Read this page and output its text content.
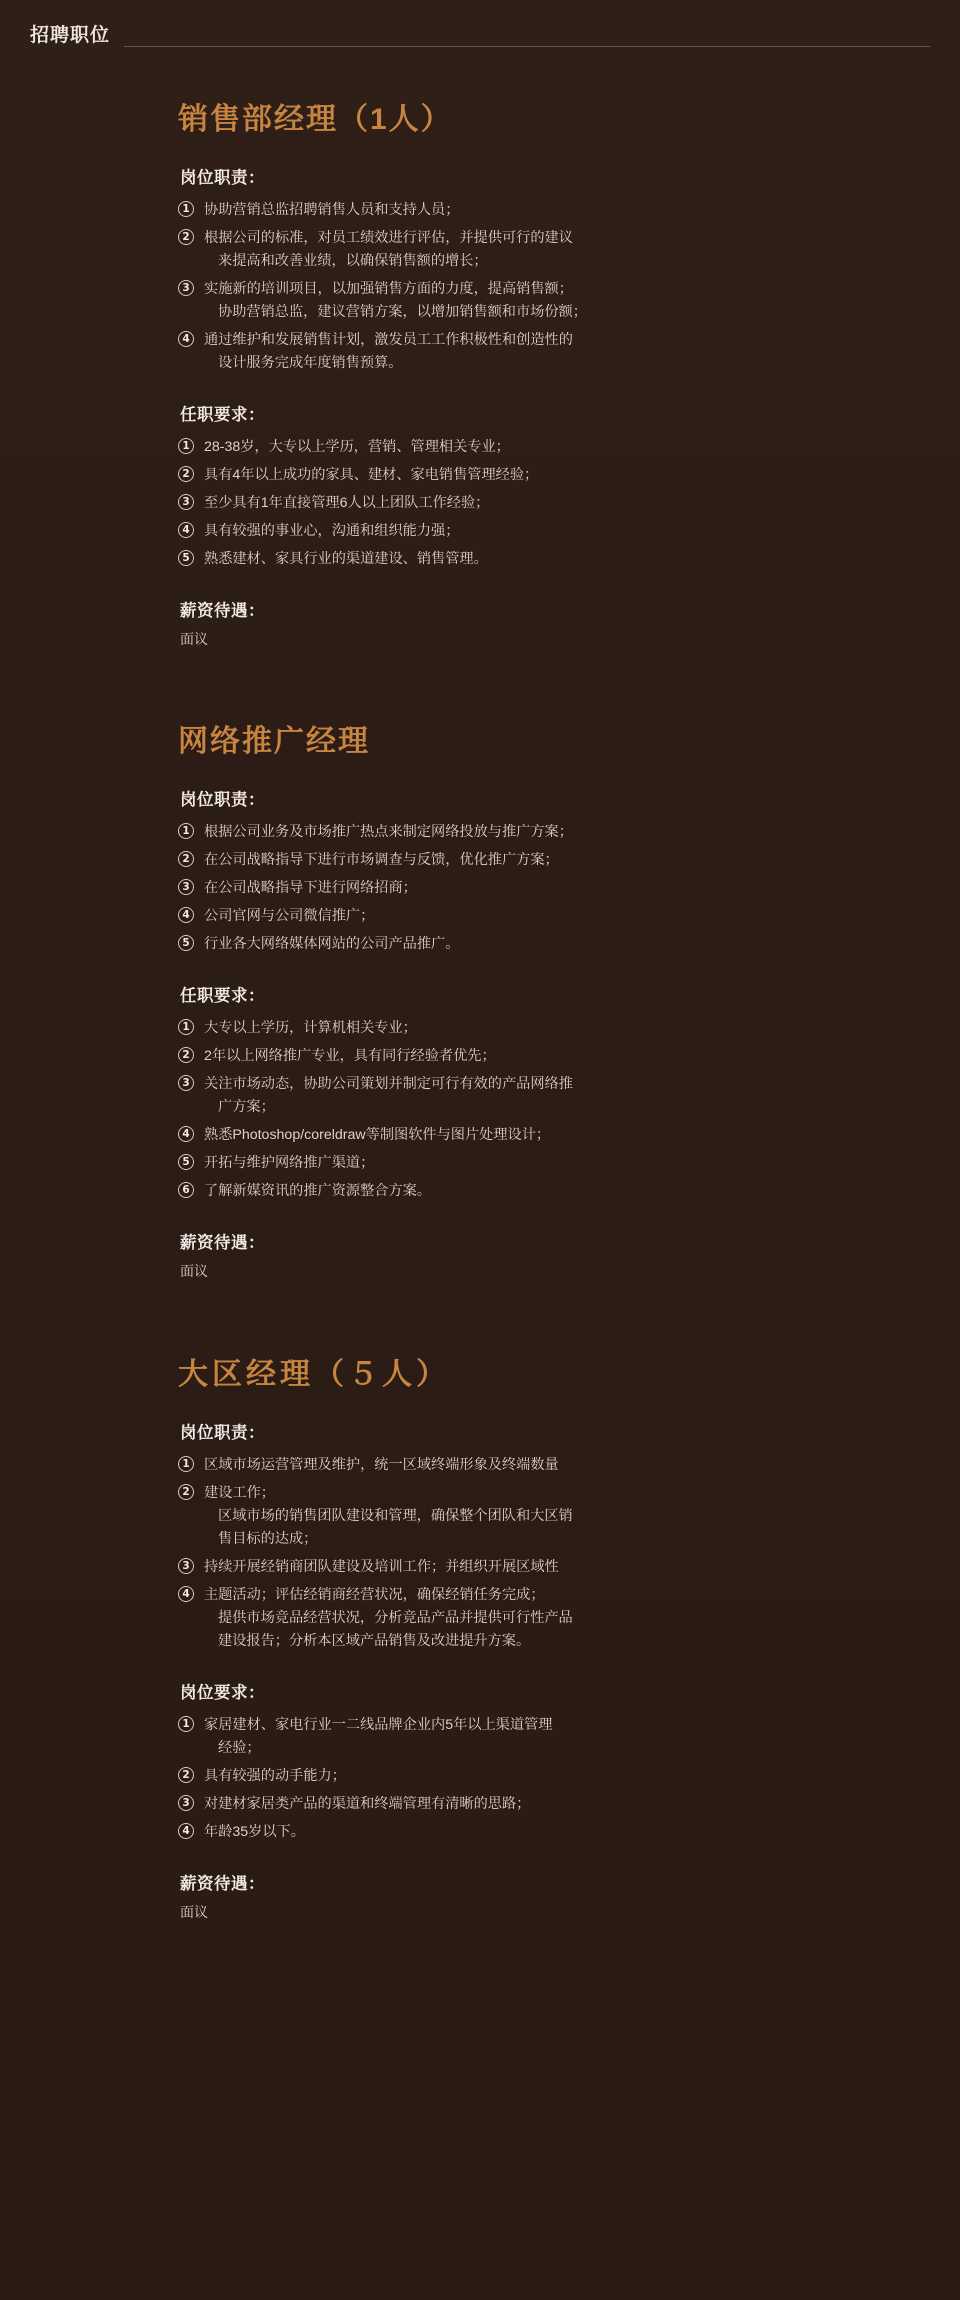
招聘职位
销售部经理（1人）
岗位职责：
1	协助营销总监招聘销售人员和支持人员；
2	根据公司的标准，对员工绩效进行评估，并提供可行的建议
来提高和改善业绩，以确保销售额的增长；
3	实施新的培训项目，以加强销售方面的力度，提高销售额；
协助营销总监，建议营销方案，以增加销售额和市场份额；
4	通过维护和发展销售计划，激发员工工作积极性和创造性的
设计服务完成年度销售预算。
任职要求：
1	28-38岁，大专以上学历，营销、管理相关专业；
2	具有4年以上成功的家具、建材、家电销售管理经验；
3	至少具有1年直接管理6人以上团队工作经验；
4	具有较强的事业心，沟通和组织能力强；
5	熟悉建材、家具行业的渠道建设、销售管理。
薪资待遇：
面议
网络推广经理
岗位职责：
1	根据公司业务及市场推广热点来制定网络投放与推广方案；
2	在公司战略指导下进行市场调查与反馈，优化推广方案；
3	在公司战略指导下进行网络招商；
4	公司官网与公司微信推广；
5	行业各大网络媒体网站的公司产品推广。
任职要求：
1	大专以上学历，计算机相关专业；
2	2年以上网络推广专业，具有同行经验者优先；
3	关注市场动态，协助公司策划并制定可行有效的产品网络推
广方案；
4	熟悉Photoshop/coreldraw等制图软件与图片处理设计；
5	开拓与维护网络推广渠道；
6	了解新媒资讯的推广资源整合方案。
薪资待遇：
面议
大区经理（５人）
岗位职责：
1	区域市场运营管理及维护，统一区域终端形象及终端数量
2	建设工作；
区域市场的销售团队建设和管理，确保整个团队和大区销
售目标的达成；
3	持续开展经销商团队建设及培训工作；并组织开展区域性
4	主题活动；评估经销商经营状况，确保经销任务完成；
提供市场竞品经营状况，分析竞品产品并提供可行性产品
建设报告；分析本区域产品销售及改进提升方案。
岗位要求：
1	家居建材、家电行业一二线品牌企业内5年以上渠道管理
经验；
2	具有较强的动手能力；
3	对建材家居类产品的渠道和终端管理有清晰的思路；
4	年龄35岁以下。
薪资待遇：
面议
